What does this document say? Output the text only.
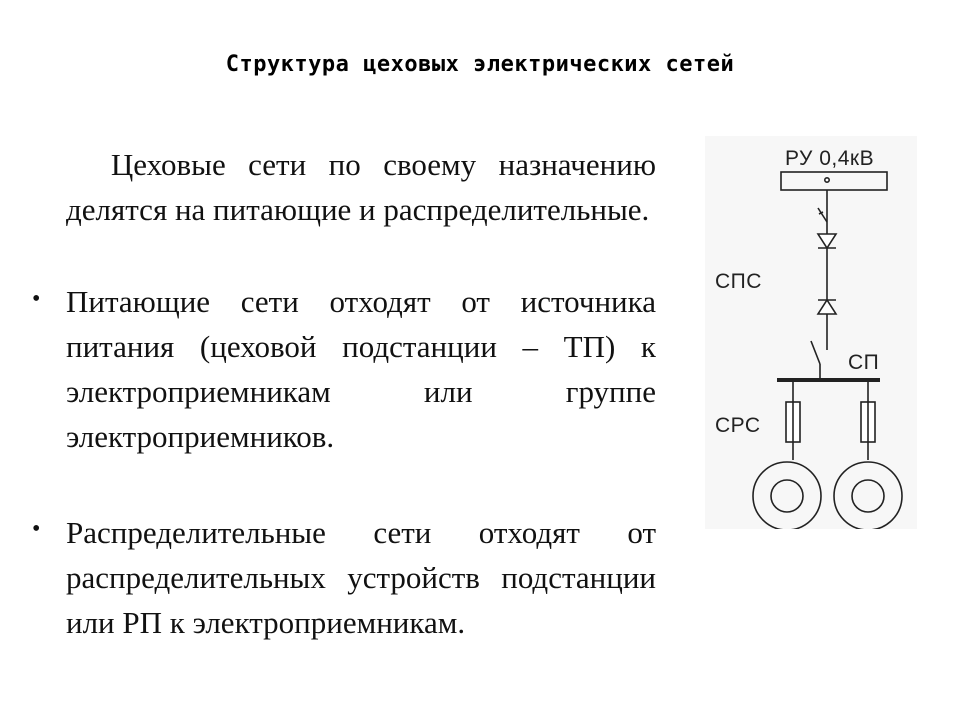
Структура цеховых электрических сетей
Цеховые сети по своему назначению делятся на питающие и распределительные.
• Питающие сети отходят от источника питания (цеховой подстанции – ТП) к электроприемникам или группе электроприемников.
• Распределительные сети отходят от распределительных устройств подстанции или РП к электроприемникам.
РУ 0,4кВ
СПС
СП
СРС
